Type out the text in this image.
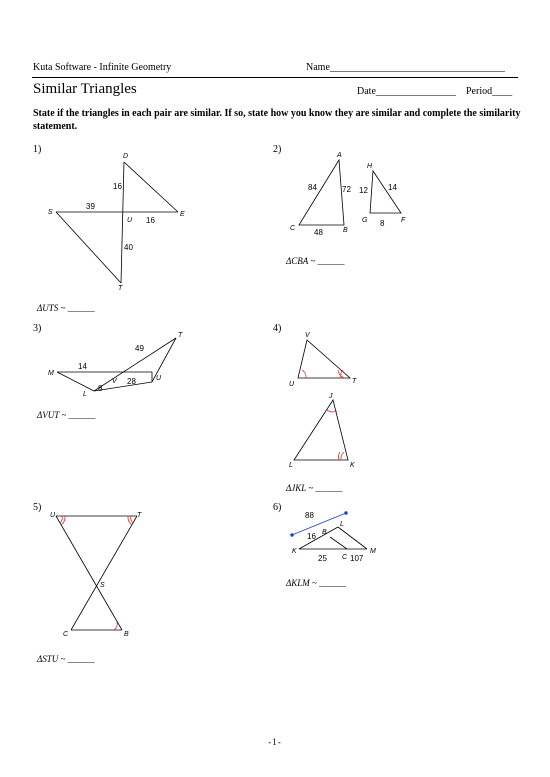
Kuta Software - Infinite Geometry	Name___________________________________
Similar Triangles	Date________________ Period____
State if the triangles in each pair are similar. If so, state how you know they are similar and complete the similarity statement.
1)	2)
3)	4)
5)	6)
ΔUTS ~ ______
ΔCBA ~ ______
ΔVUT ~ ______
ΔJKL ~ ______
ΔSTU ~ ______
ΔKLM ~ ______
D
S
U
E
T
16
39
16
40
A
H
C	B
G	F
84	72 12	14
48
8
T
M
U
V
L
49
14
28
8
V
U	T
J
L	K
U	T
S
C	B
L
B
K
C
M
88
16
25	107
-1-
